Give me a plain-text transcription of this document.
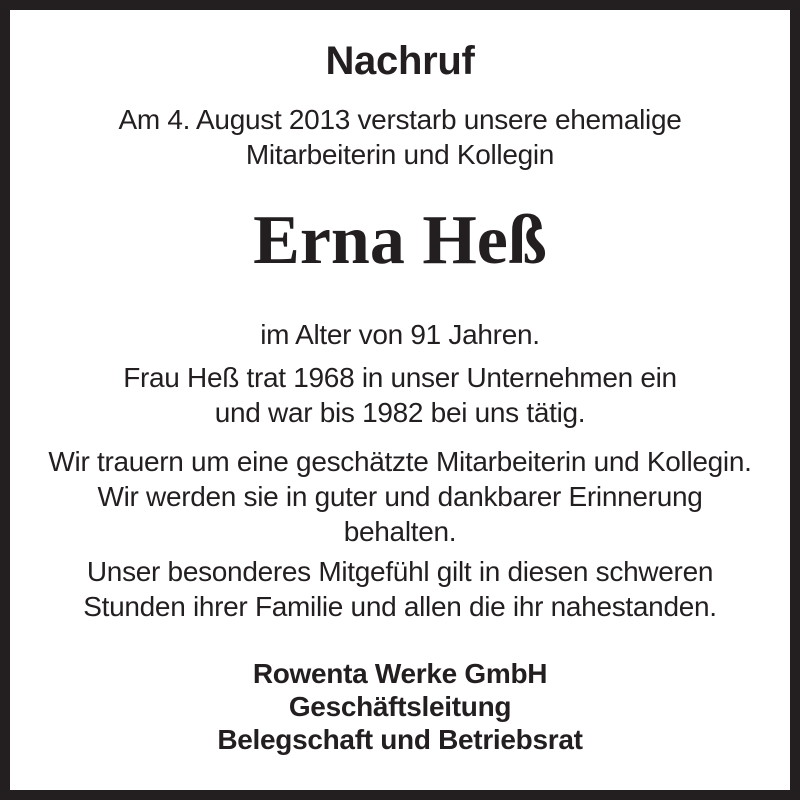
Nachruf

Am 4. August 2013 verstarb unsere ehemalige
Mitarbeiterin und Kollegin

Erna Heß

im Alter von 91 Jahren.

Frau Heß trat 1968 in unser Unternehmen ein
und war bis 1982 bei uns tätig.

Wir trauern um eine geschätzte Mitarbeiterin und Kollegin.
Wir werden sie in guter und dankbarer Erinnerung
behalten.

Unser besonderes Mitgefühl gilt in diesen schweren
Stunden ihrer Familie und allen die ihr nahestanden.

Rowenta Werke GmbH
Geschäftsleitung
Belegschaft und Betriebsrat
